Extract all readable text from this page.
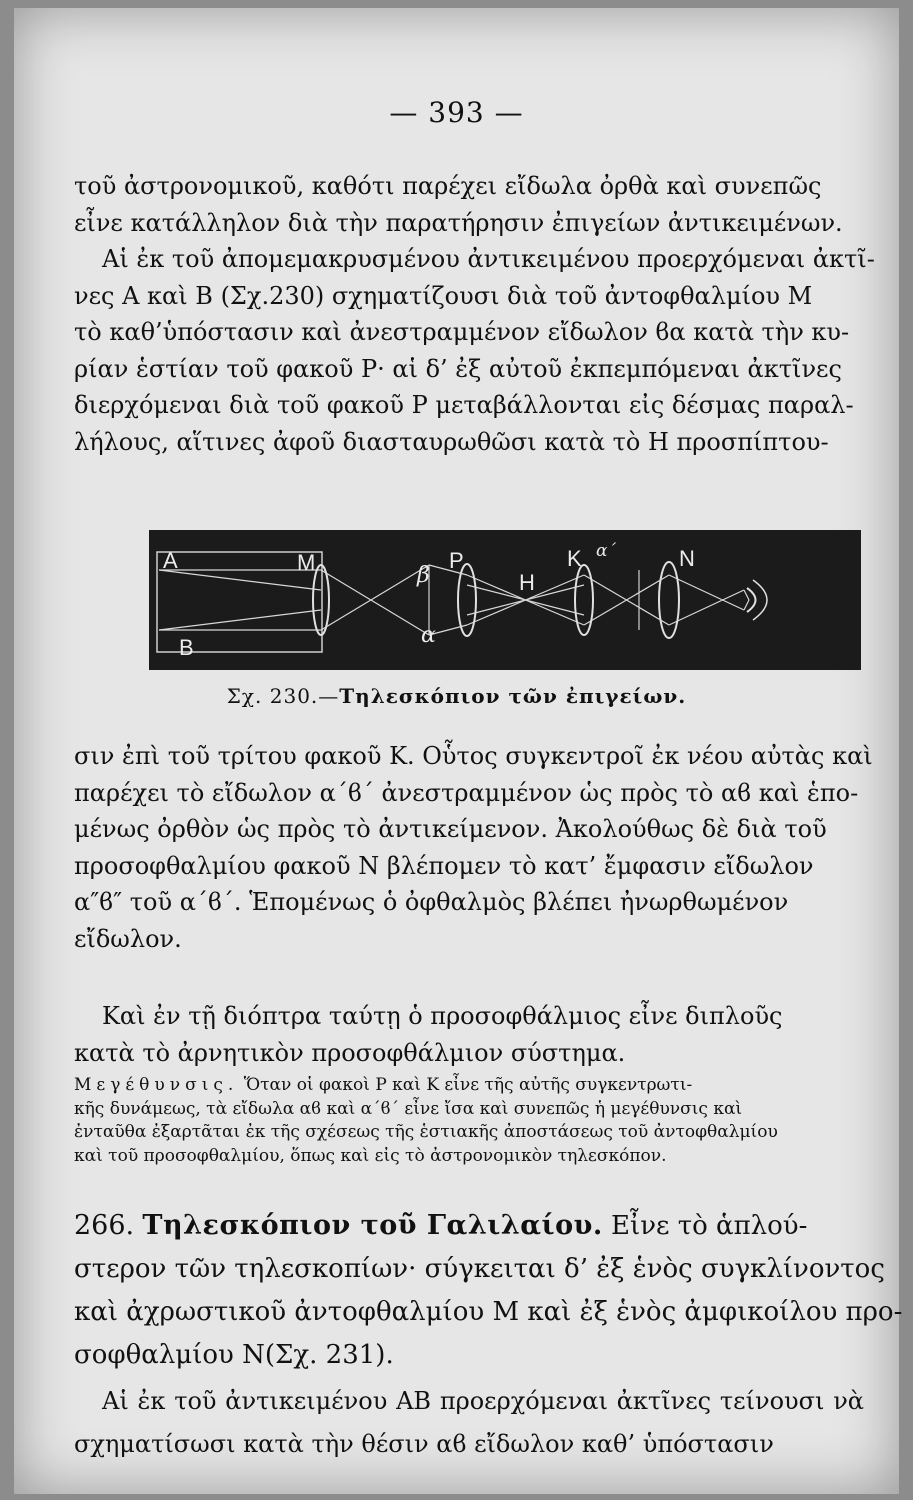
— 393 —
τοῦ ἀστρονομικοῦ, καθότι παρέχει εἴδωλα ὀρθὰ καὶ συνεπῶς
εἶνε κατάλληλον διὰ τὴν παρατήρησιν ἐπιγείων ἀντικειμένων.
Αἱ ἐκ τοῦ ἀπομεμακρυσμένου ἀντικειμένου προερχόμεναι ἀκτῖ-
νες Α καὶ Β (Σχ.230) σχηματίζουσι διὰ τοῦ ἀντοφθαλμίου Μ
τὸ καθ’ὑπόστασιν καὶ ἀνεστραμμένον εἴδωλον ϐα κατὰ τὴν κυ-
ρίαν ἑστίαν τοῦ φακοῦ Ρ· αἱ δ’ ἐξ αὐτοῦ ἐκπεμπόμεναι ἀκτῖνες
διερχόμεναι διὰ τοῦ φακοῦ Ρ μεταβάλλονται εἰς δέσμας παραλ-
λήλους, αἵτινες ἀφοῦ διασταυρωθῶσι κατὰ τὸ Η προσπίπτου-
A
B
M
β
P
α
H
K α´	N
Σχ. 230.—Τηλεσκόπιον τῶν ἐπιγείων.
σιν ἐπὶ τοῦ τρίτου φακοῦ Κ. Οὗτος συγκεντροῖ ἐκ νέου αὐτὰς καὶ
παρέχει τὸ εἴδωλον α΄ϐ΄ ἀνεστραμμένον ὡς πρὸς τὸ αϐ καὶ ἑπο-
μένως ὀρθὸν ὡς πρὸς τὸ ἀντικείμενον. Ἀκολούθως δὲ διὰ τοῦ
προσοφθαλμίου φακοῦ Ν βλέπομεν τὸ κατ’ ἔμφασιν εἴδωλον
α″ϐ″ τοῦ α΄ϐ΄. Ἑπομένως ὁ ὀφθαλμὸς βλέπει ἠνωρθωμένον
εἴδωλον.
Καὶ ἐν τῇ διόπτρα ταύτῃ ὁ προσοφθάλμιος εἶνε διπλοῦς
κατὰ τὸ ἀρνητικὸν προσοφθάλμιον σύστημα.
Μεγέθυνσις. Ὅταν οἱ φακοὶ Ρ καὶ Κ εἶνε τῆς αὐτῆς συγκεντρωτι-
κῆς δυνάμεως, τὰ εἴδωλα αϐ καὶ α΄ϐ΄ εἶνε ἴσα καὶ συνεπῶς ἡ μεγέθυνσις καὶ
ἐνταῦθα ἐξαρτᾶται ἐκ τῆς σχέσεως τῆς ἑστιακῆς ἀποστάσεως τοῦ ἀντοφθαλμίου
καὶ τοῦ προσοφθαλμίου, ὅπως καὶ εἰς τὸ ἀστρονομικὸν τηλεσκόπον.
266. Τηλεσκόπιον τοῦ Γαλιλαίου. Εἶνε τὸ ἁπλού-
στερον τῶν τηλεσκοπίων· σύγκειται δ’ ἐξ ἑνὸς συγκλίνοντος
καὶ ἀχρωστικοῦ ἀντοφθαλμίου Μ καὶ ἐξ ἑνὸς ἀμφικοίλου προ-
σοφθαλμίου Ν(Σχ. 231).
Αἱ ἐκ τοῦ ἀντικειμένου ΑΒ προερχόμεναι ἀκτῖνες τείνουσι νὰ σχηματίσωσι κατὰ τὴν θέσιν αϐ εἴδωλον καθ’ ὑπόστασιν
